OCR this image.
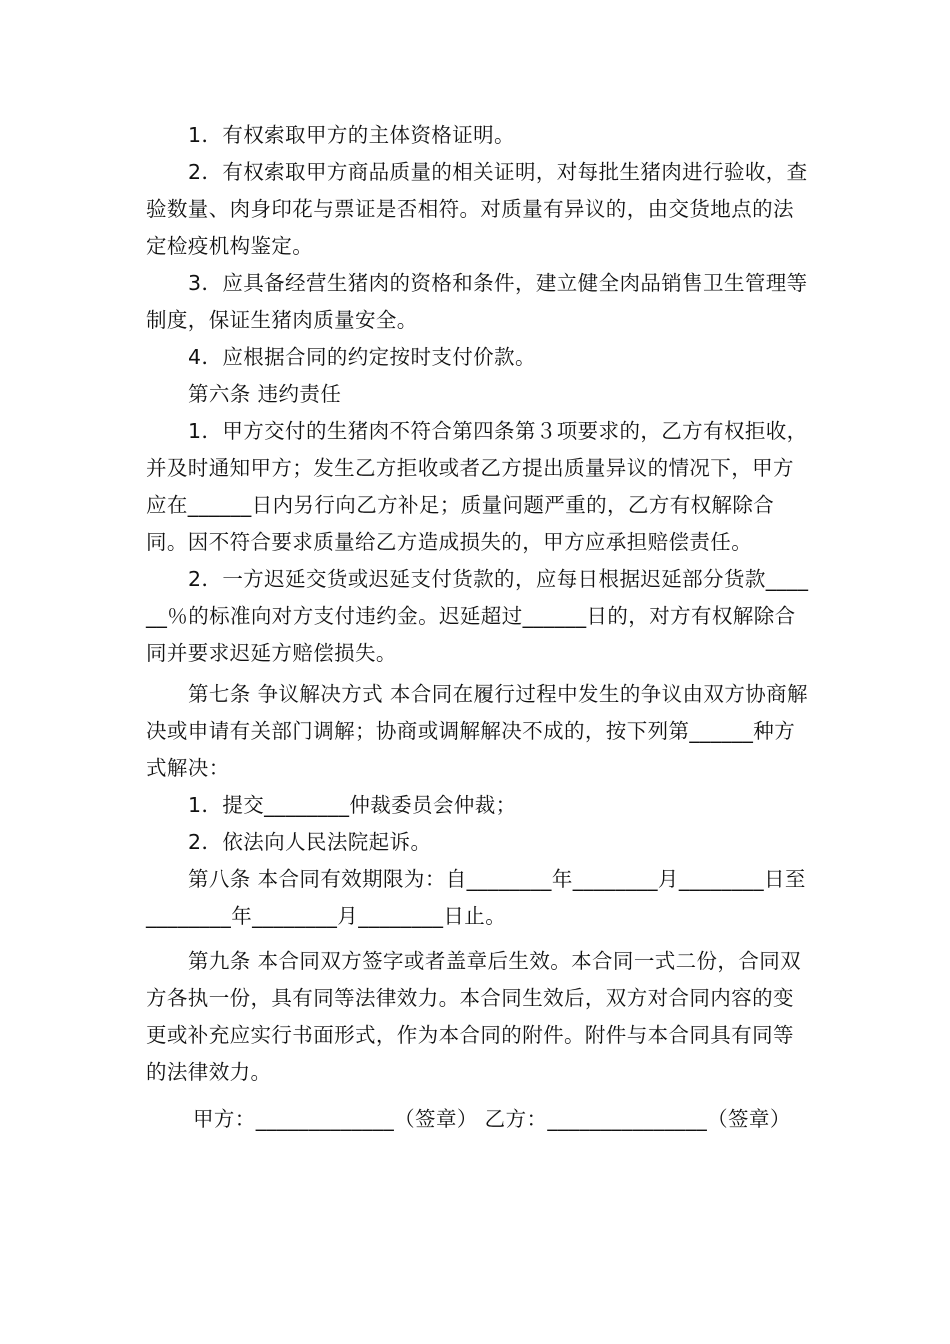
1．有权索取甲方的主体资格证明。

2．有权索取甲方商品质量的相关证明，对每批生猪肉进行验收，查验数量、肉身印花与票证是否相符。对质量有异议的，由交货地点的法定检疫机构鉴定。

3．应具备经营生猪肉的资格和条件，建立健全肉品销售卫生管理等制度，保证生猪肉质量安全。

4．应根据合同的约定按时支付价款。

第六条 违约责任

1．甲方交付的生猪肉不符合第四条第３项要求的，乙方有权拒收，并及时通知甲方；发生乙方拒收或者乙方提出质量异议的情况下，甲方应在______日内另行向乙方补足；质量问题严重的，乙方有权解除合同。因不符合要求质量给乙方造成损失的，甲方应承担赔偿责任。

2．一方迟延交货或迟延支付货款的，应每日根据迟延部分货款______％的标准向对方支付违约金。迟延超过______日的，对方有权解除合同并要求迟延方赔偿损失。

第七条 争议解决方式 本合同在履行过程中发生的争议由双方协商解决或申请有关部门调解；协商或调解解决不成的，按下列第______种方式解决：

1．提交________仲裁委员会仲裁；

2．依法向人民法院起诉。

第八条 本合同有效期限为：自________年________月________日至________年________月________日止。

第九条 本合同双方签字或者盖章后生效。本合同一式二份，合同双方各执一份，具有同等法律效力。本合同生效后，双方对合同内容的变更或补充应实行书面形式，作为本合同的附件。附件与本合同具有同等的法律效力。

甲方：_____________（签章） 乙方：_______________（签章）
